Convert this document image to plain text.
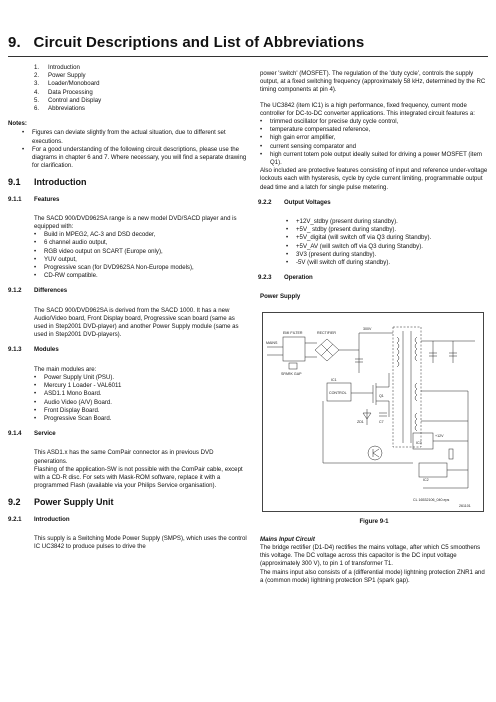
9. Circuit Descriptions and List of Abbreviations
1.	Introduction
2.	Power Supply
3.	Loader/Monoboard
4.	Data Processing
5.	Control and Display
6.	Abbreviations
Notes:
•	Figures can deviate slightly from the actual situation, due to different set executions.
•	For a good understanding of the following circuit descriptions, please use the diagrams in chapter 6 and 7. Where necessary, you will find a separate drawing for clarification.
9.1	Introduction
9.1.1	Features

The SACD 900/DVD962SA range is a new model DVD/SACD player and is equipped with:

•	Build in MPEG2, AC-3 and DSD decoder,
•	6 channel audio output,
•	RGB video output on SCART (Europe only),
•	YUV output,
•	Progressive scan (for DVD962SA Non-Europe models),
•	CD-RW compatible.
9.1.2	Differences

The SACD 900/DVD962SA is derived from the SACD 1000. It has a new Audio/Video board, Front Display board, Progressive scan board (same as used in Step2001 DVD-player) and another Power Supply module (same as used in Step2001 DVD-players).

9.1.3	Modules

The main modules are:

•	Power Supply Unit (PSU).
•	Mercury 1 Loader - VAL6011
•	ASD1.1 Mono Board.
•	Audio Video (A/V) Board.
•	Front Display Board.
•	Progressive Scan Board.
9.1.4	Service

This ASD1.x has the same ComPair connector as in previous DVD generations.

Flashing of the application-SW is not possible with the ComPair cable, except with a CD-R disc. For sets with Mask-ROM software, replace it with a programmed Flash (available via your Philips Service organisation).

9.2	Power Supply Unit
9.2.1	Introduction

This supply is a Switching Mode Power Supply (SMPS), which uses the control IC UC3842 to produce pulses to drive the

power 'switch' (MOSFET). The regulation of the 'duty cycle', controls the supply output, at a fixed switching frequency (approximately 58 kHz, determined by the RC timing components at pin 4).

The UC3842 (item IC1) is a high performance, fixed frequency, current mode controller for DC-to-DC converter applications. This integrated circuit features a:

•	trimmed oscillator for precise duty cycle control,
•	temperature compensated reference,
•	high gain error amplifier,
•	current sensing comparator and
•	high current totem pole output ideally suited for driving a power MOSFET (item Q1).

Also included are protective features consisting of input and reference under-voltage lockouts each with hysteresis, cycle by cycle current limiting, programmable output dead time and a latch for single pulse metering.

9.2.2	Output Voltages
•	+12V_stdby (present during standby).
•	+5V_ stdby (present during standby).
•	+5V_digital (will switch off via Q3 during Standby).
•	+5V_AV (will switch off via Q3 during Standby).
•	3V3 (present during standby).
•	-5V (will switch off during standby).
9.2.3	Operation
Power Supply
MAINS
EMI FILTER	RECTIFIER
SPARK GAP
300V
IC1
CONTROL
Q1
ZD1	C7
+12V
IC2
IC3
CL 16532106_040.eps
261101
Figure 9-1
Mains Input Circuit

The bridge rectifier (D1-D4) rectifies the mains voltage, after which C5 smoothens this voltage. The DC voltage across this capacitor is the DC input voltage (approximately 300 V), to pin 1 of transformer T1.

The mains input also consists of a (differential mode) lightning protection ZNR1 and a (common mode) lightning protection SP1 (spark gap).
